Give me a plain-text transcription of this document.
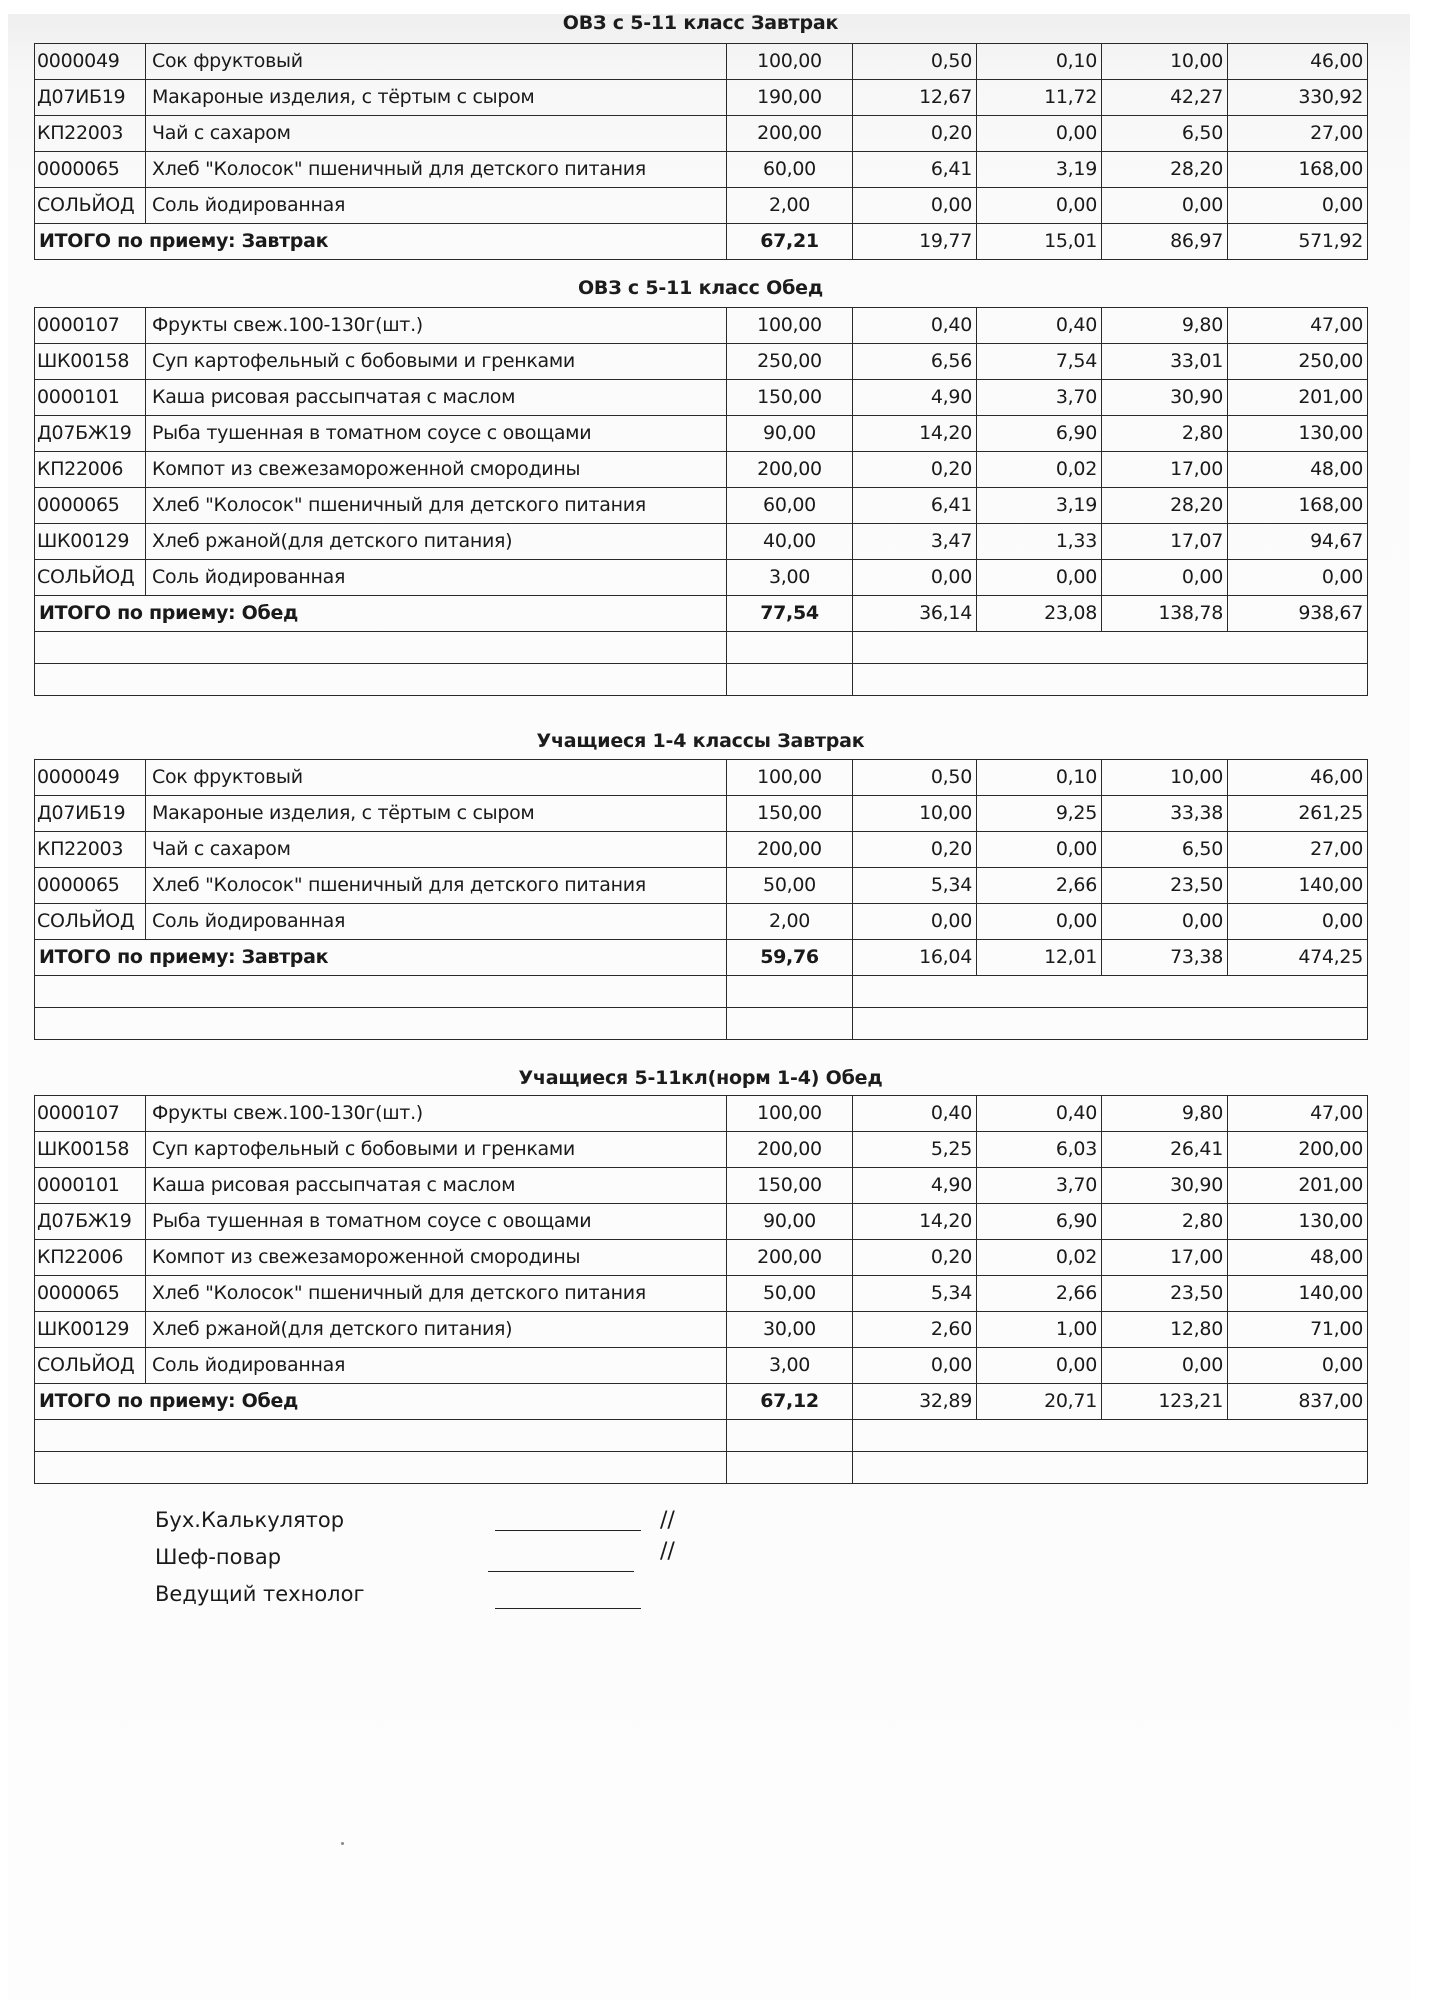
ОВЗ с 5-11 класс Завтрак
0000049	Сок фруктовый	100,00	0,50	0,10	10,00	46,00
Д07ИБ19	Макароные изделия, с тёртым с сыром	190,00	12,67	11,72	42,27	330,92
КП22003	Чай с сахаром	200,00	0,20	0,00	6,50	27,00
0000065	Хлеб "Колосок" пшеничный для детского питания	60,00	6,41	3,19	28,20	168,00
СОЛЬЙОД	Соль йодированная	2,00	0,00	0,00	0,00	0,00
ИТОГО по приему: Завтрак		67,21	19,77	15,01	86,97	571,92
ОВЗ с 5-11 класс Обед
0000107	Фрукты свеж.100-130г(шт.)	100,00	0,40	0,40	9,80	47,00
ШК00158	Суп картофельный с бобовыми и гренками	250,00	6,56	7,54	33,01	250,00
0000101	Каша рисовая рассыпчатая с маслом	150,00	4,90	3,70	30,90	201,00
Д07БЖ19	Рыба тушенная в томатном соусе с овощами	90,00	14,20	6,90	2,80	130,00
КП22006	Компот из свежезамороженной смородины	200,00	0,20	0,02	17,00	48,00
0000065	Хлеб "Колосок" пшеничный для детского питания	60,00	6,41	3,19	28,20	168,00
ШК00129	Хлеб ржаной(для детского питания)	40,00	3,47	1,33	17,07	94,67
СОЛЬЙОД	Соль йодированная	3,00	0,00	0,00	0,00	0,00
ИТОГО по приему: Обед		77,54	36,14	23,08	138,78	938,67

Учащиеся 1-4 классы Завтрак
0000049	Сок фруктовый	100,00	0,50	0,10	10,00	46,00
Д07ИБ19	Макароные изделия, с тёртым с сыром	150,00	10,00	9,25	33,38	261,25
КП22003	Чай с сахаром	200,00	0,20	0,00	6,50	27,00
0000065	Хлеб "Колосок" пшеничный для детского питания	50,00	5,34	2,66	23,50	140,00
СОЛЬЙОД	Соль йодированная	2,00	0,00	0,00	0,00	0,00
ИТОГО по приему: Завтрак		59,76	16,04	12,01	73,38	474,25

Учащиеся 5-11кл(норм 1-4) Обед
0000107	Фрукты свеж.100-130г(шт.)	100,00	0,40	0,40	9,80	47,00
ШК00158	Суп картофельный с бобовыми и гренками	200,00	5,25	6,03	26,41	200,00
0000101	Каша рисовая рассыпчатая с маслом	150,00	4,90	3,70	30,90	201,00
Д07БЖ19	Рыба тушенная в томатном соусе с овощами	90,00	14,20	6,90	2,80	130,00
КП22006	Компот из свежезамороженной смородины	200,00	0,20	0,02	17,00	48,00
0000065	Хлеб "Колосок" пшеничный для детского питания	50,00	5,34	2,66	23,50	140,00
ШК00129	Хлеб ржаной(для детского питания)	30,00	2,60	1,00	12,80	71,00
СОЛЬЙОД	Соль йодированная	3,00	0,00	0,00	0,00	0,00
ИТОГО по приему: Обед		67,12	32,89	20,71	123,21	837,00

Бух.Калькулятор	//
Шеф-повар	//
Ведущий технолог
